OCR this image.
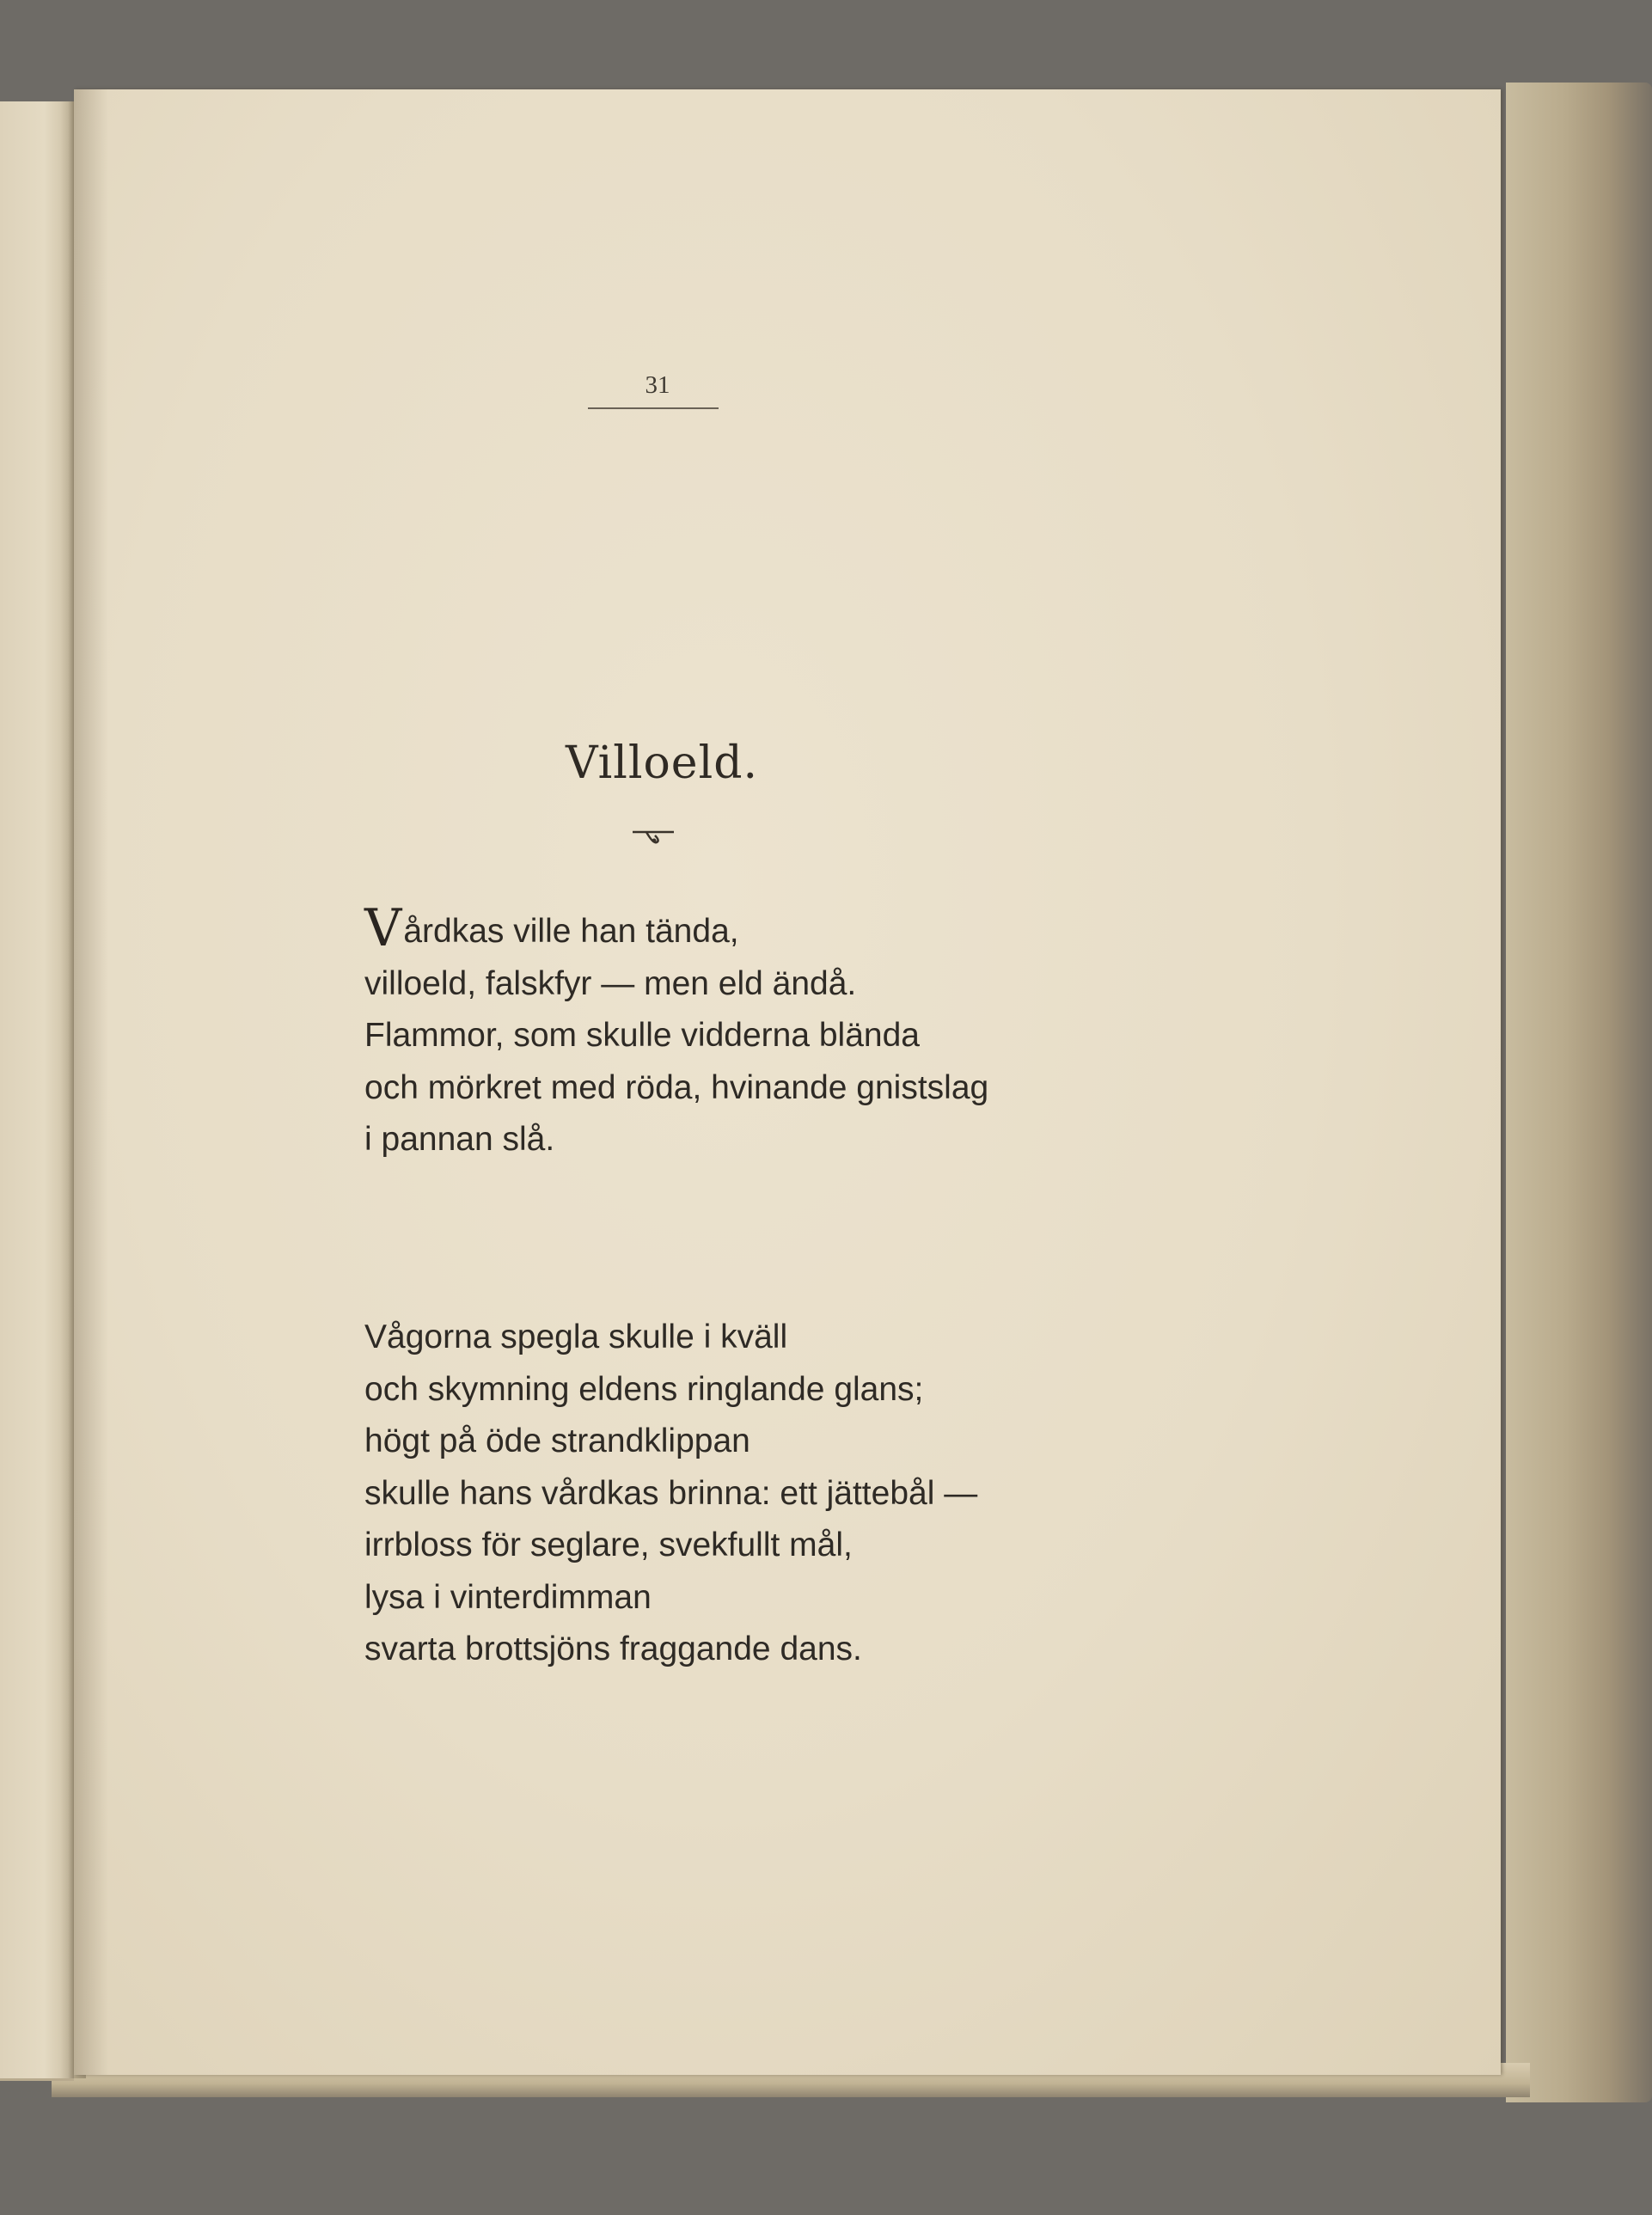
31
Villoeld.
Vårdkas ville han tända,
villoeld, falskfyr — men eld ändå.
Flammor, som skulle vidderna blända
och mörkret med röda, hvinande gnistslag
i pannan slå.
Vågorna spegla skulle i kväll
och skymning eldens ringlande glans;
högt på öde strandklippan
skulle hans vårdkas brinna: ett jättebål —
irrbloss för seglare, svekfullt mål,
lysa i vinterdimman
svarta brottsjöns fraggande dans.
